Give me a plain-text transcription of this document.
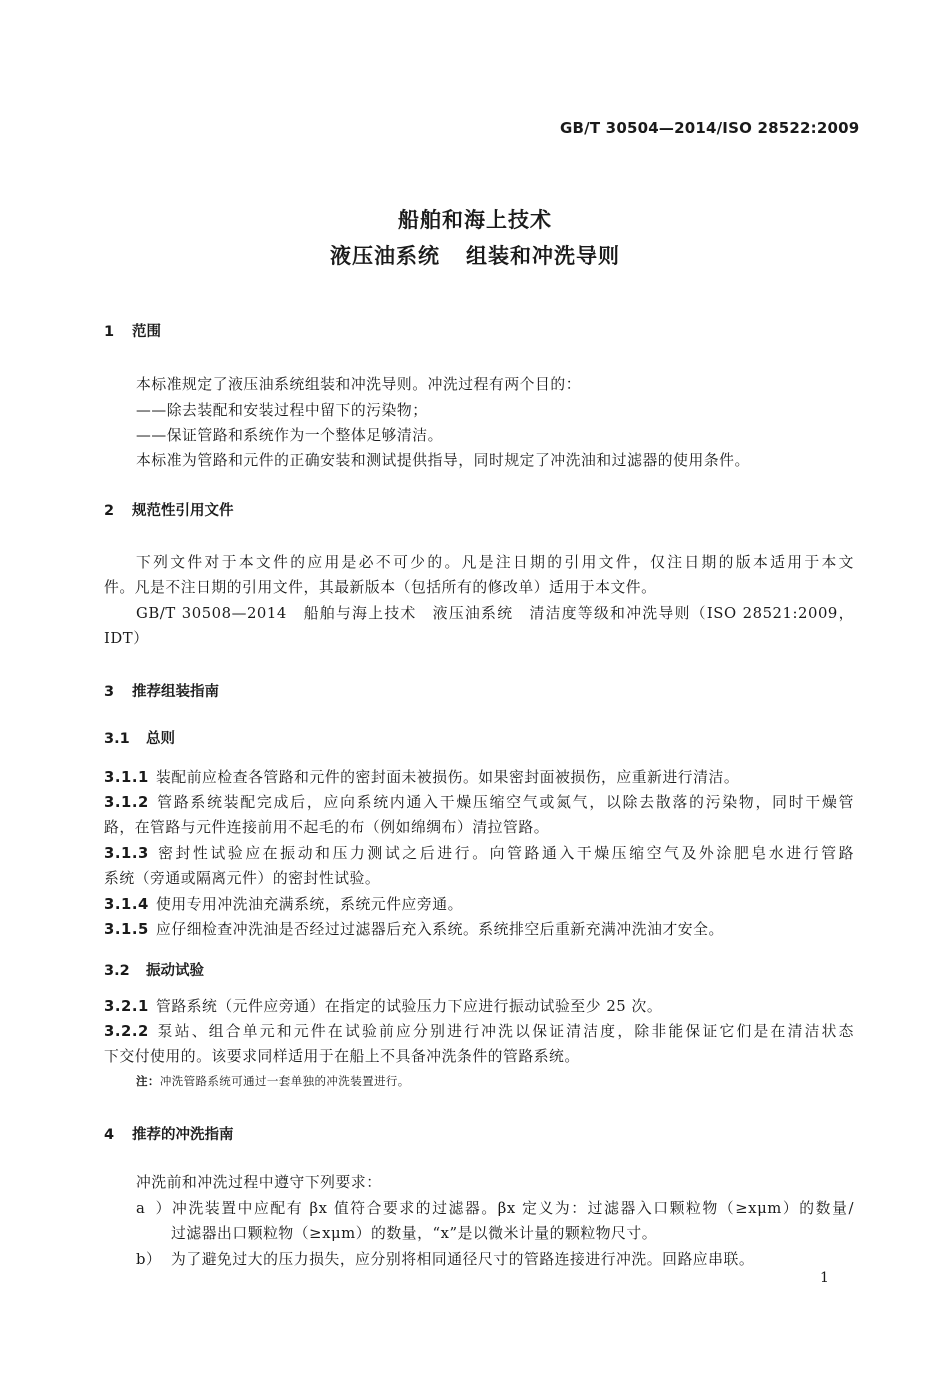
GB/T 30504—2014/ISO 28522:2009
船舶和海上技术
液压油系统 组装和冲洗导则
1 范围
本标准规定了液压油系统组装和冲洗导则。冲洗过程有两个目的：
——除去装配和安装过程中留下的污染物；
——保证管路和系统作为一个整体足够清洁。
本标准为管路和元件的正确安装和测试提供指导，同时规定了冲洗油和过滤器的使用条件。
2 规范性引用文件
下列文件对于本文件的应用是必不可少的。凡是注日期的引用文件，仅注日期的版本适用于本文
件。凡是不注日期的引用文件，其最新版本（包括所有的修改单）适用于本文件。
GB/T 30508—2014　船舶与海上技术　液压油系统　清洁度等级和冲洗导则（ISO 28521:2009，
IDT）
3 推荐组装指南
3.1 总则
3.1.1 装配前应检查各管路和元件的密封面未被损伤。如果密封面被损伤，应重新进行清洁。
3.1.2 管路系统装配完成后，应向系统内通入干燥压缩空气或氮气，以除去散落的污染物，同时干燥管
路，在管路与元件连接前用不起毛的布（例如绵绸布）清拉管路。
3.1.3 密封性试验应在振动和压力测试之后进行。向管路通入干燥压缩空气及外涂肥皂水进行管路
系统（旁通或隔离元件）的密封性试验。
3.1.4 使用专用冲洗油充满系统，系统元件应旁通。
3.1.5 应仔细检查冲洗油是否经过过滤器后充入系统。系统排空后重新充满冲洗油才安全。
3.2 振动试验
3.2.1 管路系统（元件应旁通）在指定的试验压力下应进行振动试验至少 25 次。
3.2.2 泵站、组合单元和元件在试验前应分别进行冲洗以保证清洁度，除非能保证它们是在清洁状态
下交付使用的。该要求同样适用于在船上不具备冲洗条件的管路系统。
注：冲洗管路系统可通过一套单独的冲洗装置进行。
4 推荐的冲洗指南
冲洗前和冲洗过程中遵守下列要求：
a）冲洗装置中应配有 βx 值符合要求的过滤器。βx 定义为：过滤器入口颗粒物（≥xμm）的数量/
过滤器出口颗粒物（≥xμm）的数量，“x”是以微米计量的颗粒物尺寸。
b） 为了避免过大的压力损失，应分别将相同通径尺寸的管路连接进行冲洗。回路应串联。
1
